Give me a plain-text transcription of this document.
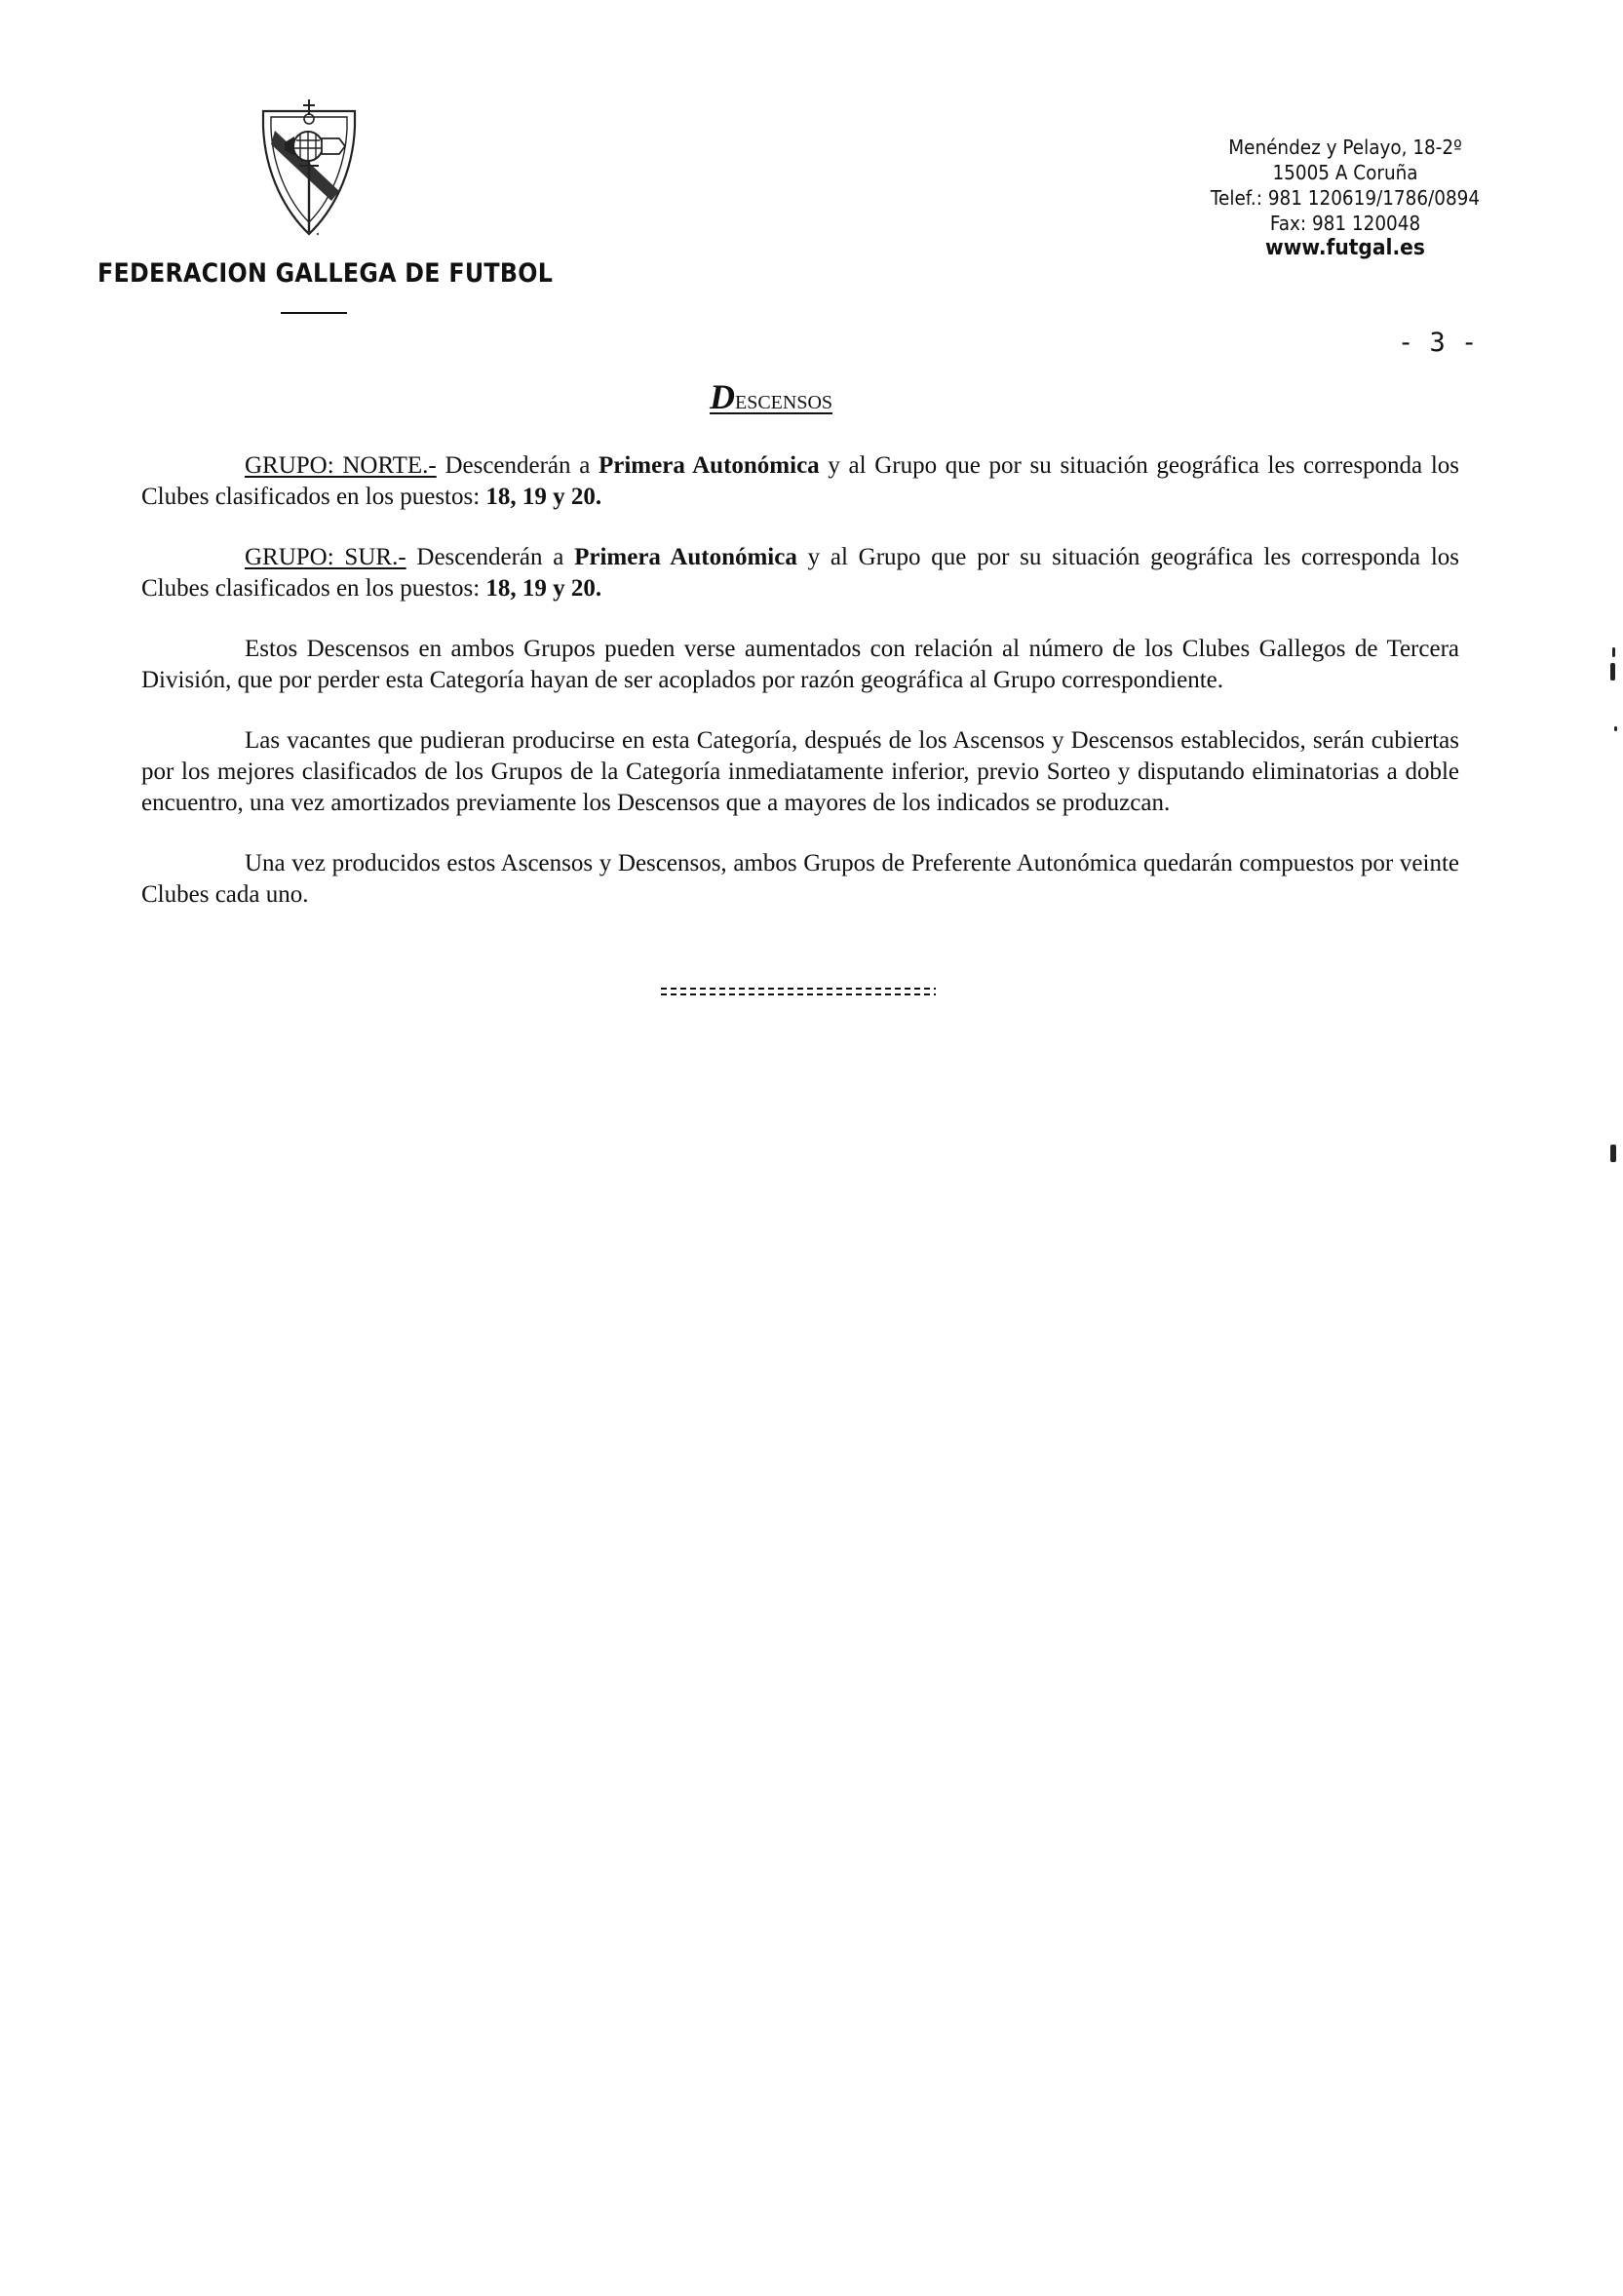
FEDERACION GALLEGA DE FUTBOL
Menéndez y Pelayo, 18-2º
15005 A Coruña
Telef.: 981 120619/1786/0894
Fax: 981 120048
www.futgal.es
- 3 -
Descensos

GRUPO: NORTE.- Descenderán a Primera Autonómica y al Grupo que por su situación geográfica les corresponda los Clubes clasificados en los puestos: 18, 19 y 20.

GRUPO: SUR.- Descenderán a Primera Autonómica y al Grupo que por su situación geográfica les corresponda los Clubes clasificados en los puestos: 18, 19 y 20.

Estos Descensos en ambos Grupos pueden verse aumentados con relación al número de los Clubes Gallegos de Tercera División, que por perder esta Categoría hayan de ser acoplados por razón geográfica al Grupo correspondiente.

Las vacantes que pudieran producirse en esta Categoría, después de los Ascensos y Descensos establecidos, serán cubiertas por los mejores clasificados de los Grupos de la Categoría inmediatamente inferior, previo Sorteo y disputando eliminatorias a doble encuentro, una vez amortizados previamente los Descensos que a mayores de los indicados se produzcan.

Una vez producidos estos Ascensos y Descensos, ambos Grupos de Preferente Autonómica quedarán compuestos por veinte Clubes cada uno.
